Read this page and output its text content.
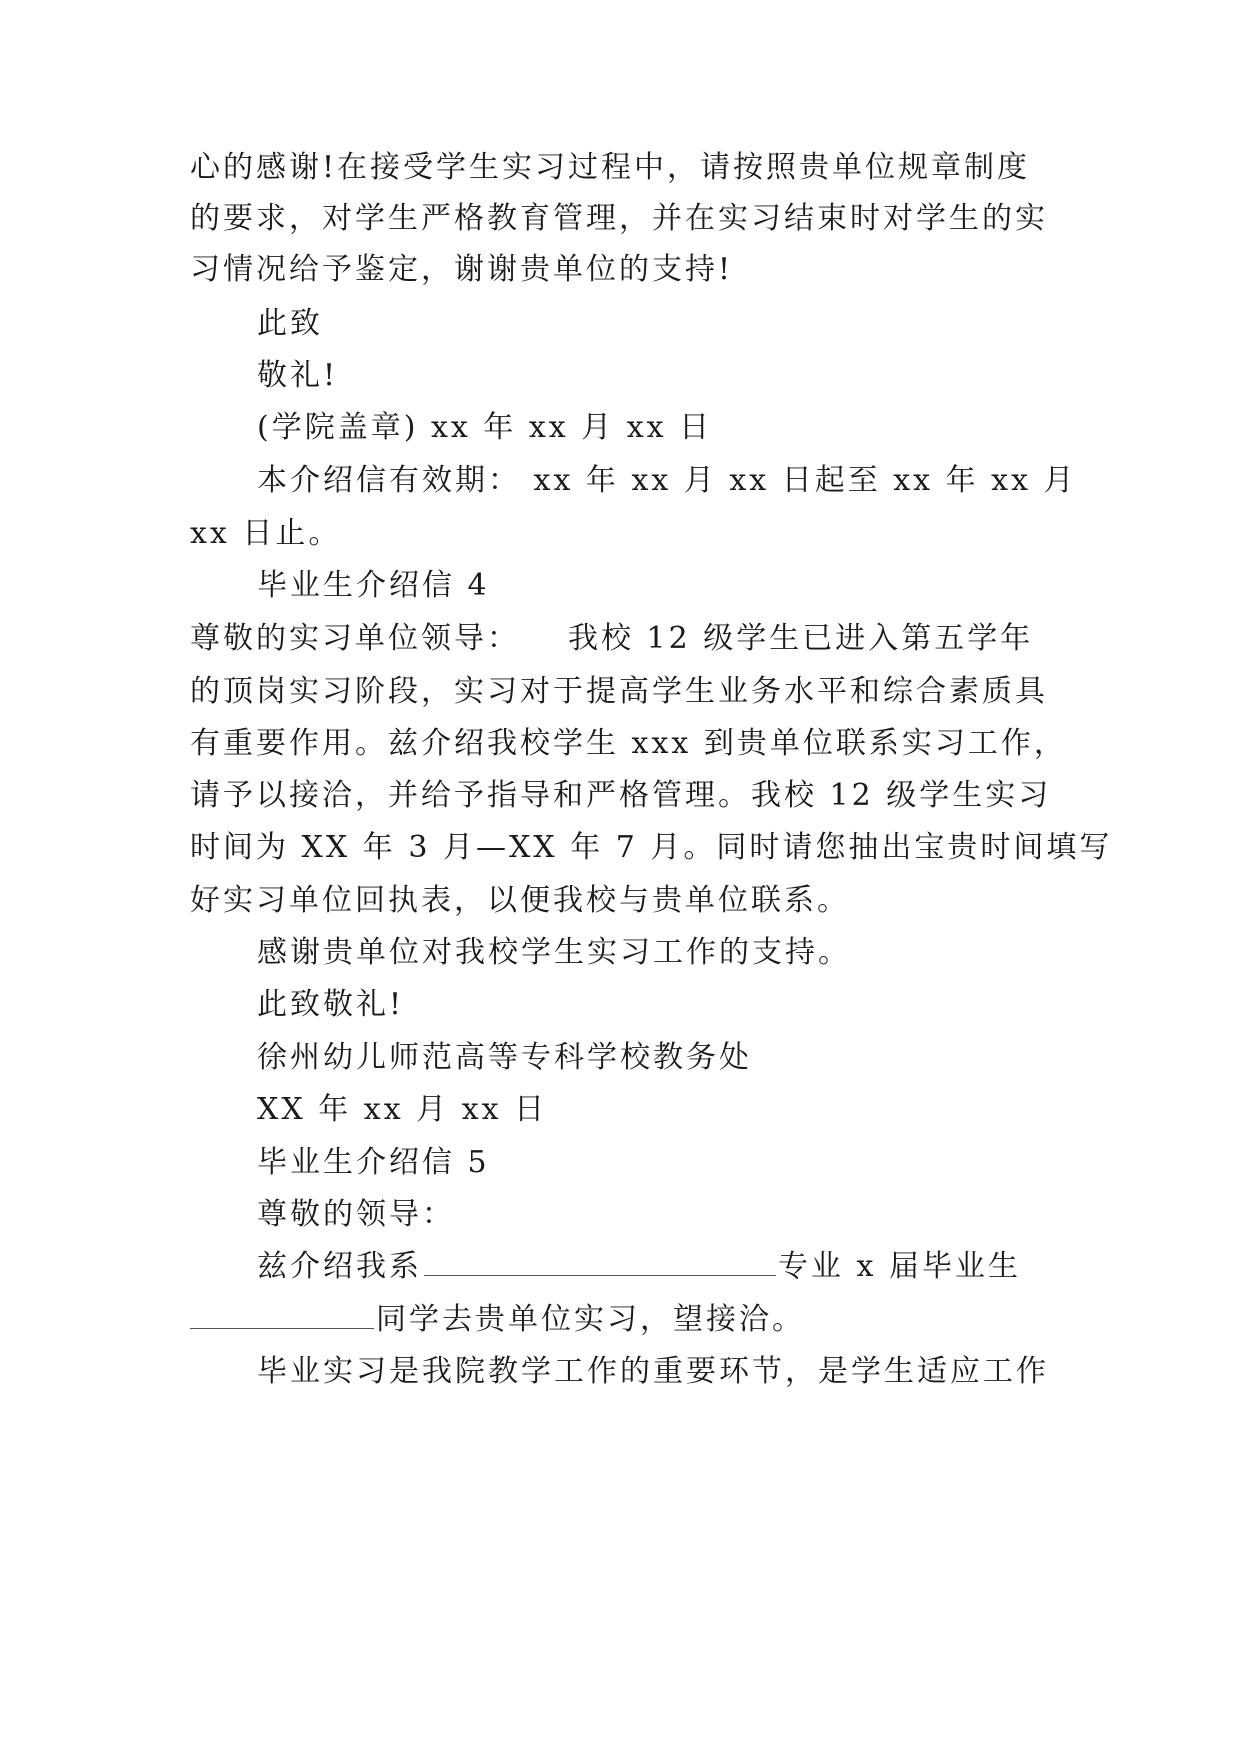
心的感谢!在接受学生实习过程中，请按照贵单位规章制度
的要求，对学生严格教育管理，并在实习结束时对学生的实
习情况给予鉴定，谢谢贵单位的支持!
此致
敬礼!
(学院盖章) xx 年 xx 月 xx 日
本介绍信有效期： xx 年 xx 月 xx 日起至 xx 年 xx 月
xx 日止。
毕业生介绍信 4
尊敬的实习单位领导： 我校 12 级学生已进入第五学年
的顶岗实习阶段，实习对于提高学生业务水平和综合素质具
有重要作用。兹介绍我校学生 xxx 到贵单位联系实习工作，
请予以接洽，并给予指导和严格管理。我校 12 级学生实习
时间为 XX 年 3 月—XX 年 7 月。同时请您抽出宝贵时间填写
好实习单位回执表，以便我校与贵单位联系。
感谢贵单位对我校学生实习工作的支持。
此致敬礼!
徐州幼儿师范高等专科学校教务处
XX 年 xx 月 xx 日
毕业生介绍信 5
尊敬的领导：
兹介绍我系	专业 x 届毕业生
同学去贵单位实习，望接洽。
毕业实习是我院教学工作的重要环节，是学生适应工作
